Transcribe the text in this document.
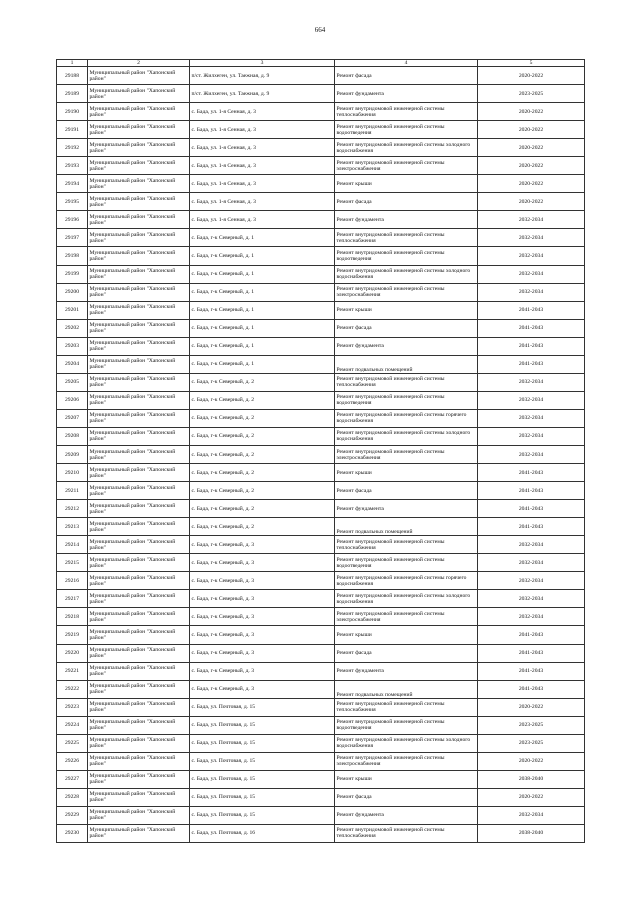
664
1	2	3	4	5
29188	Муниципальный район "Хапонский район"	п/ст. Жилхеген, ул. Таежная, д. 9	Ремонт фасада	2020-2022
29189	Муниципальный район "Хапонский район"	п/ст. Жилхеген, ул. Таежная, д. 9	Ремонт фундамента	2023-2025
29190	Муниципальный район "Хапонский район"	с. Бада, ул. 1-я Сенная, д. 3	Ремонт внутридомовой инженерной системы теплоснабжения	2020-2022
29191	Муниципальный район "Хапонский район"	с. Бада, ул. 1-я Сенная, д. 3	Ремонт внутридомовой инженерной системы водоотведения	2020-2022
29192	Муниципальный район "Хапонский район"	с. Бада, ул. 1-я Сенная, д. 3	Ремонт внутридомовой инженерной системы холодного водоснабжения	2020-2022
29193	Муниципальный район "Хапонский район"	с. Бада, ул. 1-я Сенная, д. 3	Ремонт внутридомовой инженерной системы электроснабжения	2020-2022
29194	Муниципальный район "Хапонский район"	с. Бада, ул. 1-я Сенная, д. 3	Ремонт крыши	2020-2022
29195	Муниципальный район "Хапонский район"	с. Бада, ул. 1-я Сенная, д. 3	Ремонт фасада	2020-2022
29196	Муниципальный район "Хапонский район"	с. Бада, ул. 1-я Сенная, д. 3	Ремонт фундамента	2032-2034
29197	Муниципальный район "Хапонский район"	с. Бада, г-к Северный, д. 1	Ремонт внутридомовой инженерной системы теплоснабжения	2032-2034
29198	Муниципальный район "Хапонский район"	с. Бада, г-к Северный, д. 1	Ремонт внутридомовой инженерной системы водоотведения	2032-2034
29199	Муниципальный район "Хапонский район"	с. Бада, г-к Северный, д. 1	Ремонт внутридомовой инженерной системы холодного водоснабжения	2032-2034
29200	Муниципальный район "Хапонский район"	с. Бада, г-к Северный, д. 1	Ремонт внутридомовой инженерной системы электроснабжения	2032-2034
29201	Муниципальный район "Хапонский район"	с. Бада, г-к Северный, д. 1	Ремонт крыши	2041-2043
29202	Муниципальный район "Хапонский район"	с. Бада, г-к Северный, д. 1	Ремонт фасада	2041-2043
29203	Муниципальный район "Хапонский район"	с. Бада, г-к Северный, д. 1	Ремонт фундамента	2041-2043
29204	Муниципальный район "Хапонский район"	с. Бада, г-к Северный, д. 1	Ремонт подвальных помещений	2041-2043
29205	Муниципальный район "Хапонский район"	с. Бада, г-к Северный, д. 2	Ремонт внутридомовой инженерной системы теплоснабжения	2032-2034
29206	Муниципальный район "Хапонский район"	с. Бада, г-к Северный, д. 2	Ремонт внутридомовой инженерной системы водоотведения	2032-2034
29207	Муниципальный район "Хапонский район"	с. Бада, г-к Северный, д. 2	Ремонт внутридомовой инженерной системы горячего водоснабжения	2032-2034
29208	Муниципальный район "Хапонский район"	с. Бада, г-к Северный, д. 2	Ремонт внутридомовой инженерной системы холодного водоснабжения	2032-2034
29209	Муниципальный район "Хапонский район"	с. Бада, г-к Северный, д. 2	Ремонт внутридомовой инженерной системы электроснабжения	2032-2034
29210	Муниципальный район "Хапонский район"	с. Бада, г-к Северный, д. 2	Ремонт крыши	2041-2043
29211	Муниципальный район "Хапонский район"	с. Бада, г-к Северный, д. 2	Ремонт фасада	2041-2043
29212	Муниципальный район "Хапонский район"	с. Бада, г-к Северный, д. 2	Ремонт фундамента	2041-2043
29213	Муниципальный район "Хапонский район"	с. Бада, г-к Северный, д. 2	Ремонт подвальных помещений	2041-2043
29214	Муниципальный район "Хапонский район"	с. Бада, г-к Северный, д. 3	Ремонт внутридомовой инженерной системы теплоснабжения	2032-2034
29215	Муниципальный район "Хапонский район"	с. Бада, г-к Северный, д. 3	Ремонт внутридомовой инженерной системы водоотведения	2032-2034
29216	Муниципальный район "Хапонский район"	с. Бада, г-к Северный, д. 3	Ремонт внутридомовой инженерной системы горячего водоснабжения	2032-2034
29217	Муниципальный район "Хапонский район"	с. Бада, г-к Северный, д. 3	Ремонт внутридомовой инженерной системы холодного водоснабжения	2032-2034
29218	Муниципальный район "Хапонский район"	с. Бада, г-к Северный, д. 3	Ремонт внутридомовой инженерной системы электроснабжения	2032-2034
29219	Муниципальный район "Хапонский район"	с. Бада, г-к Северный, д. 3	Ремонт крыши	2041-2043
29220	Муниципальный район "Хапонский район"	с. Бада, г-к Северный, д. 3	Ремонт фасада	2041-2043
29221	Муниципальный район "Хапонский район"	с. Бада, г-к Северный, д. 3	Ремонт фундамента	2041-2043
29222	Муниципальный район "Хапонский район"	с. Бада, г-к Северный, д. 3	Ремонт подвальных помещений	2041-2043
29223	Муниципальный район "Хапонский район"	с. Бада, ул. Почтовая, д. 15	Ремонт внутридомовой инженерной системы теплоснабжения	2020-2022
29224	Муниципальный район "Хапонский район"	с. Бада, ул. Почтовая, д. 15	Ремонт внутридомовой инженерной системы водоотведения	2023-2025
29225	Муниципальный район "Хапонский район"	с. Бада, ул. Почтовая, д. 15	Ремонт внутридомовой инженерной системы холодного водоснабжения	2023-2025
29226	Муниципальный район "Хапонский район"	с. Бада, ул. Почтовая, д. 15	Ремонт внутридомовой инженерной системы электроснабжения	2020-2022
29227	Муниципальный район "Хапонский район"	с. Бада, ул. Почтовая, д. 15	Ремонт крыши	2038-2040
29228	Муниципальный район "Хапонский район"	с. Бада, ул. Почтовая, д. 15	Ремонт фасада	2020-2022
29229	Муниципальный район "Хапонский район"	с. Бада, ул. Почтовая, д. 15	Ремонт фундамента	2032-2034
29230	Муниципальный район "Хапонский район"	с. Бада, ул. Почтовая, д. 16	Ремонт внутридомовой инженерной системы теплоснабжения	2038-2040
